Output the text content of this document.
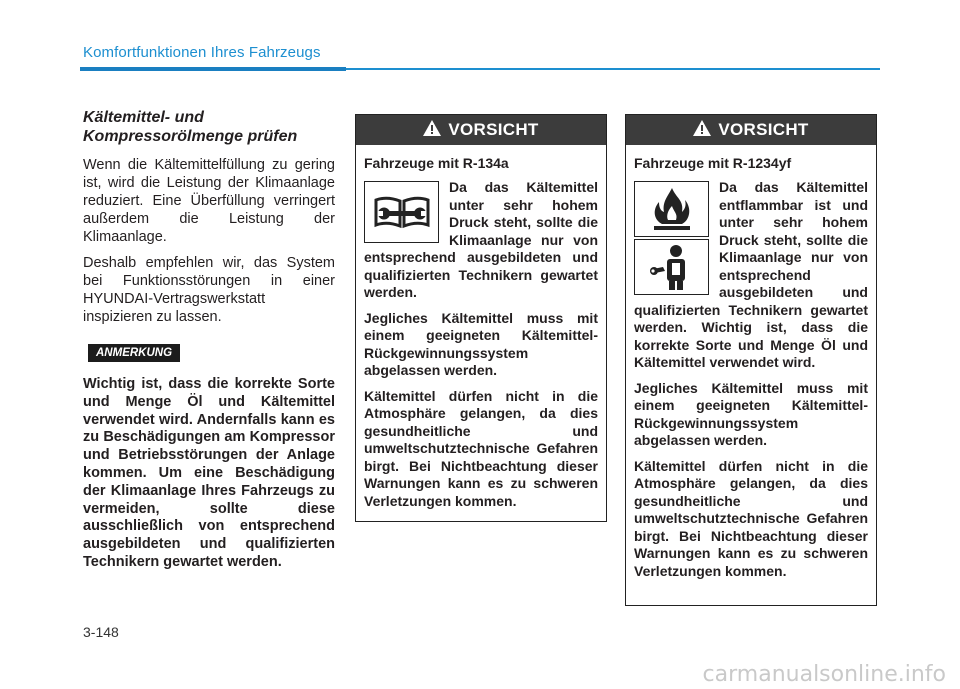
Komfortfunktionen Ihres Fahrzeugs
Kältemittel- und Kompressorölmenge prüfen

Wenn die Kältemittelfüllung zu gering ist, wird die Leistung der Klimaanlage reduziert. Eine Überfüllung verringert außerdem die Leistung der Klimaanlage.

Deshalb empfehlen wir, das System bei Funktionsstörungen in einer HYUNDAI-Vertragswerkstatt inspizieren zu lassen.

ANMERKUNG

Wichtig ist, dass die korrekte Sorte und Menge Öl und Kältemittel verwendet wird. Andernfalls kann es zu Beschädigungen am Kompressor und Betriebsstörungen der Anlage kommen. Um eine Beschädigung der Klimaanlage Ihres Fahrzeugs zu vermeiden, sollte diese ausschließlich von entsprechend ausgebildeten und qualifizierten Technikern gewartet werden.

VORSICHT
Fahrzeuge mit R-134a

Da das Kältemittel unter sehr hohem Druck steht, sollte die Klimaanlage nur von entsprechend ausgebildeten und qualifizierten Technikern gewartet werden.

Jegliches Kältemittel muss mit einem geeigneten Kältemittel-Rückgewinnungssystem abgelassen werden.

Kältemittel dürfen nicht in die Atmosphäre gelangen, da dies gesundheitliche und umweltschutztechnische Gefahren birgt. Bei Nichtbeachtung dieser Warnungen kann es zu schweren Verletzungen kommen.

VORSICHT
Fahrzeuge mit R-1234yf

Da das Kältemittel entflammbar ist und unter sehr hohem Druck steht, sollte die Klimaanlage nur von entsprechend ausgebildeten und qualifizierten Technikern gewartet werden. Wichtig ist, dass die korrekte Sorte und Menge Öl und Kältemittel verwendet wird.

Jegliches Kältemittel muss mit einem geeigneten Kältemittel-Rückgewinnungssystem abgelassen werden.

Kältemittel dürfen nicht in die Atmosphäre gelangen, da dies gesundheitliche und umweltschutztechnische Gefahren birgt. Bei Nichtbeachtung dieser Warnungen kann es zu schweren Verletzungen kommen.

3-148
carmanualsonline.info
